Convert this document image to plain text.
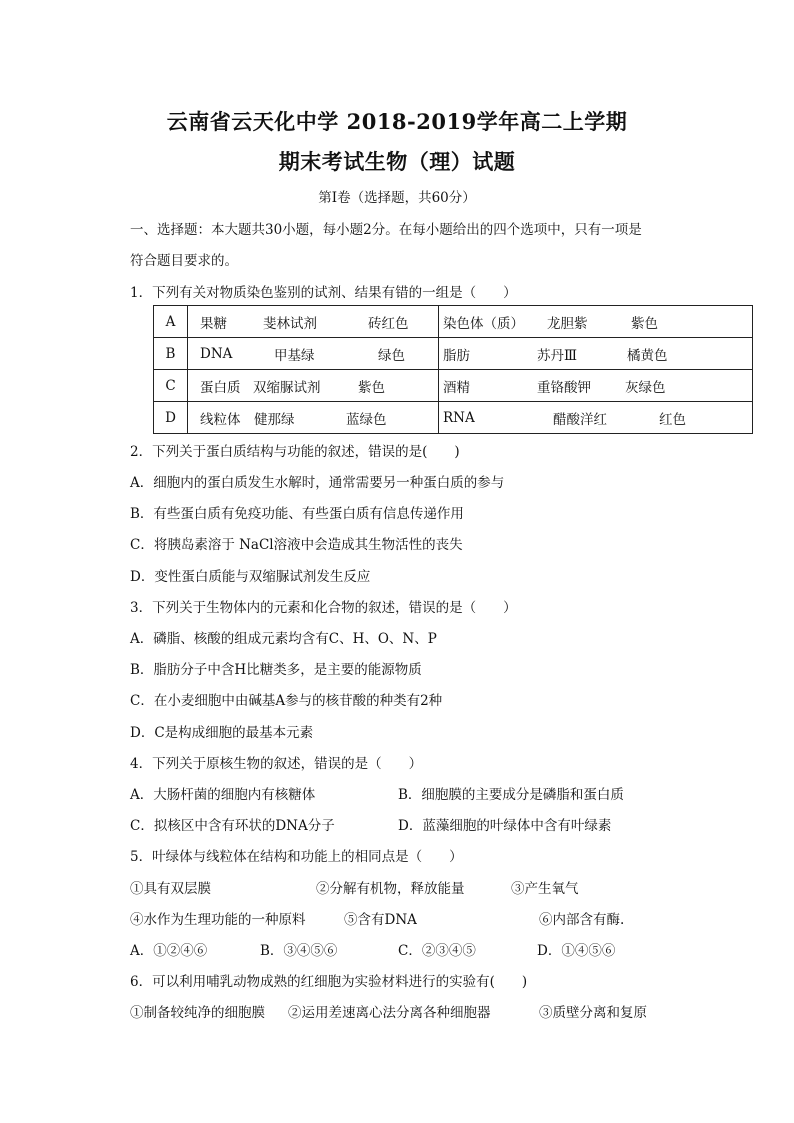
云南省云天化中学 2018-2019学年高二上学期
期末考试生物（理）试题
第Ⅰ卷（选择题，共60分）
一、选择题：本大题共30小题，每小题2分。在每小题给出的四个选项中，只有一项是
符合题目要求的。
1．下列有关对物质染色鉴别的试剂、结果有错的一组是（　　）
A	果糖 斐林试剂 砖红色	染色体（质） 龙胆紫 紫色

B	DNA 甲基绿 绿色	脂肪 苏丹Ⅲ 橘黄色

C	蛋白质 双缩脲试剂 紫色	酒精 重铬酸钾 灰绿色

D	线粒体 健那绿 蓝绿色	RNA 醋酸洋红 红色
2．下列关于蛋白质结构与功能的叙述，错误的是(　　)
A．细胞内的蛋白质发生水解时，通常需要另一种蛋白质的参与
B．有些蛋白质有免疫功能、有些蛋白质有信息传递作用
C．将胰岛素溶于 NaCl溶液中会造成其生物活性的丧失
D．变性蛋白质能与双缩脲试剂发生反应
3．下列关于生物体内的元素和化合物的叙述，错误的是（　　）
A．磷脂、核酸的组成元素均含有C、H、O、N、P
B．脂肪分子中含H比糖类多，是主要的能源物质
C．在小麦细胞中由碱基A参与的核苷酸的种类有2种
D．C是构成细胞的最基本元素
4．下列关于原核生物的叙述，错误的是（　　）
A．大肠杆菌的细胞内有核糖体	B．细胞膜的主要成分是磷脂和蛋白质
C．拟核区中含有环状的DNA分子	D．蓝藻细胞的叶绿体中含有叶绿素
5．叶绿体与线粒体在结构和功能上的相同点是（　　）
①具有双层膜	②分解有机物，释放能量	③产生氧气
④水作为生理功能的一种原料	⑤含有DNA	⑥内部含有酶.
A．①②④⑥	B．③④⑤⑥	C．②③④⑤	D．①④⑤⑥
6．可以利用哺乳动物成熟的红细胞为实验材料进行的实验有(　　)
①制备较纯净的细胞膜 ②运用差速离心法分离各种细胞器	③质壁分离和复原
